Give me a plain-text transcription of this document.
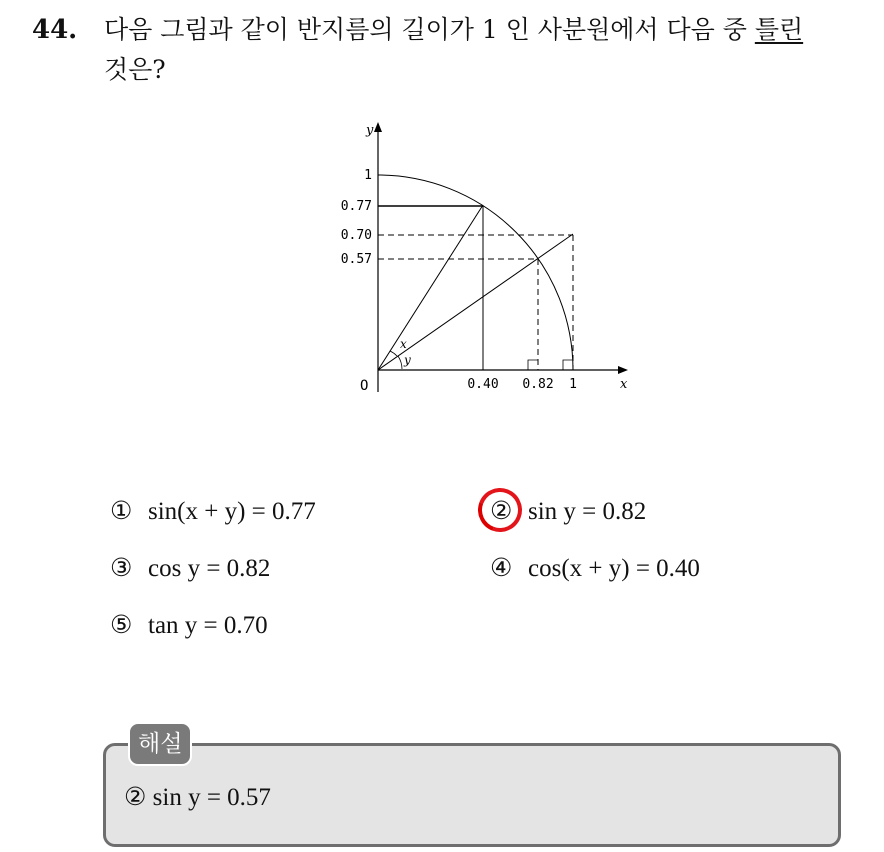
44. 다음 그림과 같이 반지름의 길이가 1 인 사분원에서 다음 중 틀린
것은?
y
x
O
1
0.77
0.70
0.57
0.40 0.82 1
x
y
① sin(x + y) = 0.77	② sin y = 0.82
③ cos y = 0.82	④ cos(x + y) = 0.40
⑤ tan y = 0.70
해설
② sin y = 0.57
